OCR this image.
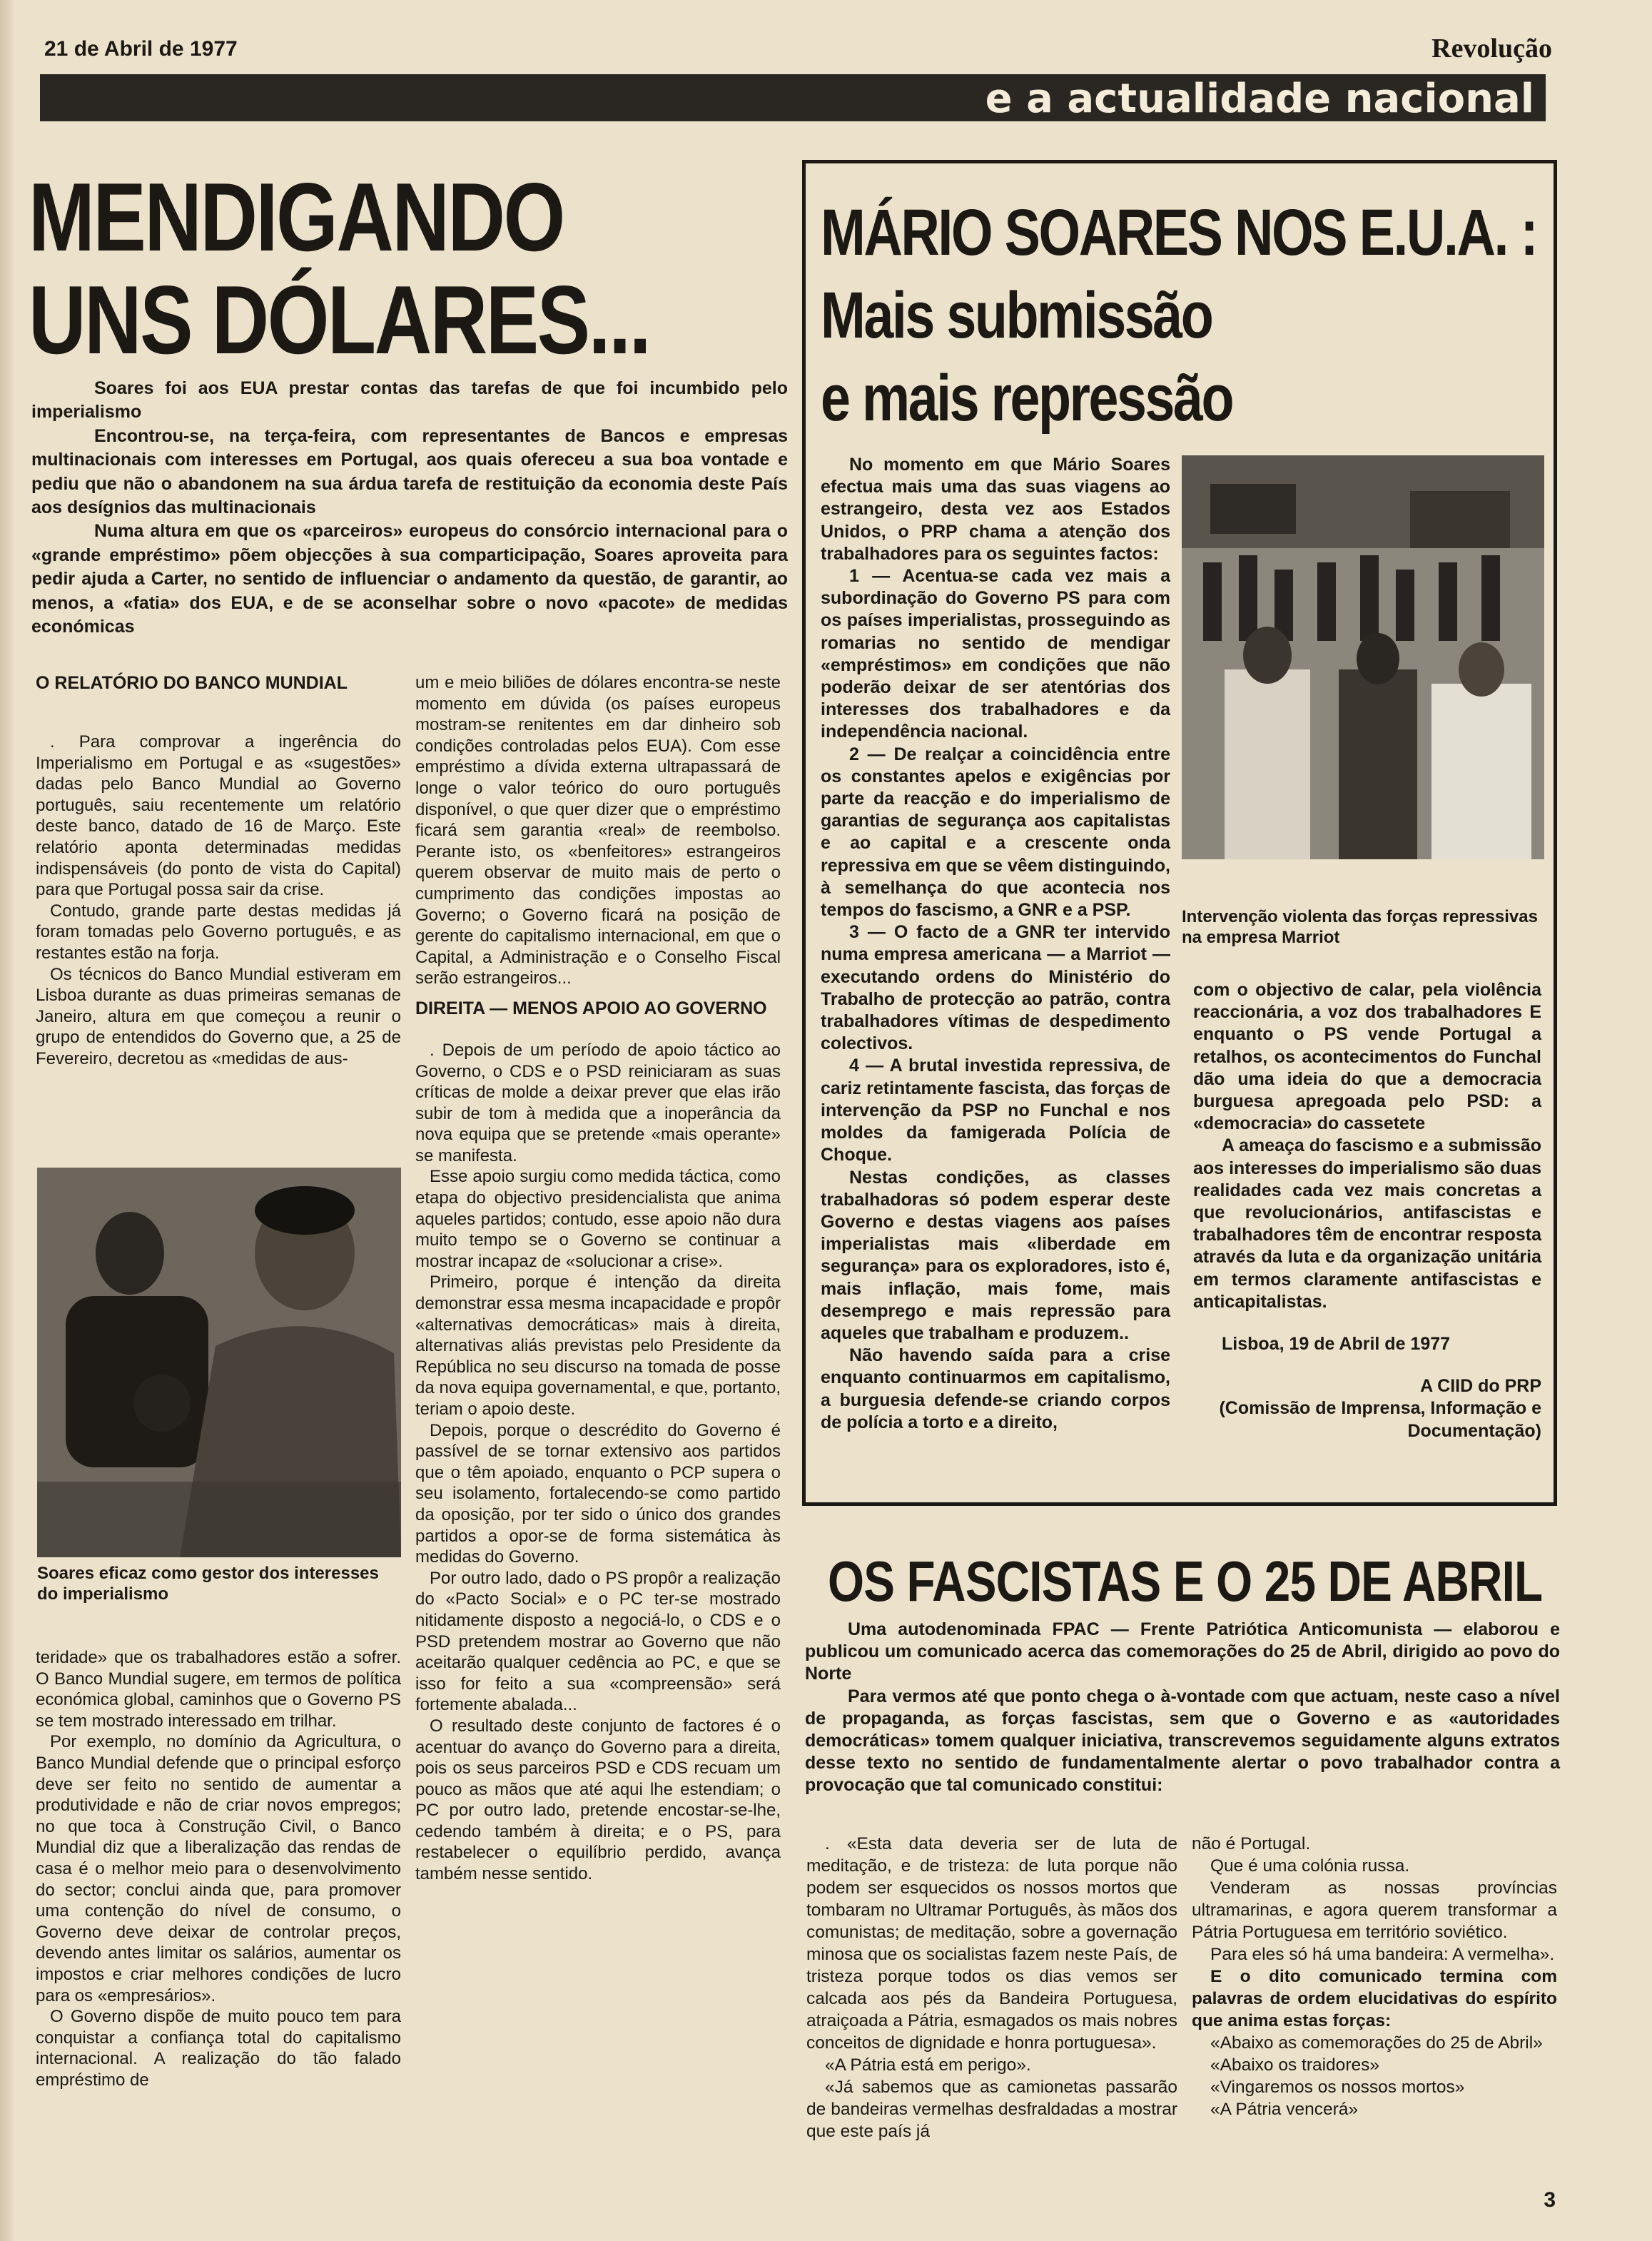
21 de Abril de 1977	Revolução
e a actualidade nacional
MENDIGANDO
UNS DÓLARES...

Soares foi aos EUA prestar contas das tarefas de que foi incumbido pelo imperialismo

Encontrou-se, na terça-feira, com representantes de Bancos e empresas multinacionais com interesses em Portugal, aos quais ofereceu a sua boa vontade e pediu que não o abandonem na sua árdua tarefa de restituição da economia deste País aos desígnios das multinacionais

Numa altura em que os «parceiros» europeus do consórcio internacional para o «grande empréstimo» põem objecções à sua comparticipação, Soares aproveita para pedir ajuda a Carter, no sentido de influenciar o andamento da questão, de garantir, ao menos, a «fatia» dos EUA, e de se aconselhar sobre o novo «pacote» de medidas económicas

O RELATÓRIO DO BANCO MUNDIAL

. Para comprovar a ingerência do Imperialismo em Portugal e as «sugestões» dadas pelo Banco Mundial ao Governo português, saiu recentemente um relatório deste banco, datado de 16 de Março. Este relatório aponta determinadas medidas indispensáveis (do ponto de vista do Capital) para que Portugal possa sair da crise.

Contudo, grande parte destas medidas já foram tomadas pelo Governo português, e as restantes estão na forja.

Os técnicos do Banco Mundial estiveram em Lisboa durante as duas primeiras semanas de Janeiro, altura em que começou a reunir o grupo de entendidos do Governo que, a 25 de Fevereiro, decretou as «medidas de aus-

Soares eficaz como gestor dos interesses do imperialismo

teridade» que os trabalhadores estão a sofrer. O Banco Mundial sugere, em termos de política económica global, caminhos que o Governo PS se tem mostrado interessado em trilhar.

Por exemplo, no domínio da Agricultura, o Banco Mundial defende que o principal esforço deve ser feito no sentido de aumentar a produtividade e não de criar novos empregos; no que toca à Construção Civil, o Banco Mundial diz que a liberalização das rendas de casa é o melhor meio para o desenvolvimento do sector; conclui ainda que, para promover uma contenção do nível de consumo, o Governo deve deixar de controlar preços, devendo antes limitar os salários, aumentar os impostos e criar melhores condições de lucro para os «empresários».

O Governo dispõe de muito pouco tem para conquistar a confiança total do capitalismo internacional. A realização do tão falado empréstimo de

um e meio biliões de dólares encontra-se neste momento em dúvida (os países europeus mostram-se renitentes em dar dinheiro sob condições controladas pelos EUA). Com esse empréstimo a dívida externa ultrapassará de longe o valor teórico do ouro português disponível, o que quer dizer que o empréstimo ficará sem garantia «real» de reembolso. Perante isto, os «benfeitores» estrangeiros querem observar de muito mais de perto o cumprimento das condições impostas ao Governo; o Governo ficará na posição de gerente do capitalismo internacional, em que o Capital, a Administração e o Conselho Fiscal serão estrangeiros...

DIREITA — MENOS APOIO AO GOVERNO

. Depois de um período de apoio táctico ao Governo, o CDS e o PSD reiniciaram as suas críticas de molde a deixar prever que elas irão subir de tom à medida que a inoperância da nova equipa que se pretende «mais operante» se manifesta.

Esse apoio surgiu como medida táctica, como etapa do objectivo presidencialista que anima aqueles partidos; contudo, esse apoio não dura muito tempo se o Governo se continuar a mostrar incapaz de «solucionar a crise».

Primeiro, porque é intenção da direita demonstrar essa mesma incapacidade e propôr «alternativas democráticas» mais à direita, alternativas aliás previstas pelo Presidente da República no seu discurso na tomada de posse da nova equipa governamental, e que, portanto, teriam o apoio deste.

Depois, porque o descrédito do Governo é passível de se tornar extensivo aos partidos que o têm apoiado, enquanto o PCP supera o seu isolamento, fortalecendo-se como partido da oposição, por ter sido o único dos grandes partidos a opor-se de forma sistemática às medidas do Governo.

Por outro lado, dado o PS propôr a realização do «Pacto Social» e o PC ter-se mostrado nitidamente disposto a negociá-lo, o CDS e o PSD pretendem mostrar ao Governo que não aceitarão qualquer cedência ao PC, e que se isso for feito a sua «compreensão» será fortemente abalada...

O resultado deste conjunto de factores é o acentuar do avanço do Governo para a direita, pois os seus parceiros PSD e CDS recuam um pouco as mãos que até aqui lhe estendiam; o PC por outro lado, pretende encostar-se-lhe, cedendo também à direita; e o PS, para restabelecer o equilíbrio perdido, avança também nesse sentido.

MÁRIO SOARES NOS E.U.A. :
Mais submissão
e mais repressão

No momento em que Mário Soares efectua mais uma das suas viagens ao estrangeiro, desta vez aos Estados Unidos, o PRP chama a atenção dos trabalhadores para os seguintes factos:

1 — Acentua-se cada vez mais a subordinação do Governo PS para com os países imperialistas, prosseguindo as romarias no sentido de mendigar «empréstimos» em condições que não poderão deixar de ser atentórias dos interesses dos trabalhadores e da independência nacional.

2 — De realçar a coincidência entre os constantes apelos e exigências por parte da reacção e do imperialismo de garantias de segurança aos capitalistas e ao capital e a crescente onda repressiva em que se vêem distinguindo, à semelhança do que acontecia nos tempos do fascismo, a GNR e a PSP.

3 — O facto de a GNR ter intervido numa empresa americana — a Marriot — executando ordens do Ministério do Trabalho de protecção ao patrão, contra trabalhadores vítimas de despedimento colectivos.

4 — A brutal investida repressiva, de cariz retintamente fascista, das forças de intervenção da PSP no Funchal e nos moldes da famigerada Polícia de Choque.

Nestas condições, as classes trabalhadoras só podem esperar deste Governo e destas viagens aos países imperialistas mais «liberdade em segurança» para os exploradores, isto é, mais inflação, mais fome, mais desemprego e mais repressão para aqueles que trabalham e produzem..

Não havendo saída para a crise enquanto continuarmos em capitalismo, a burguesia defende-se criando corpos de polícia a torto e a direito,

Intervenção violenta das forças repressivas na empresa Marriot

com o objectivo de calar, pela violência reaccionária, a voz dos trabalhadores E enquanto o PS vende Portugal a retalhos, os acontecimentos do Funchal dão uma ideia do que a democracia burguesa apregoada pelo PSD: a «democracia» do cassetete

A ameaça do fascismo e a submissão aos interesses do imperialismo são duas realidades cada vez mais concretas a que revolucionários, antifascistas e trabalhadores têm de encontrar resposta através da luta e da organização unitária em termos claramente antifascistas e anticapitalistas.

Lisboa, 19 de Abril de 1977

A CIID do PRP
(Comissão de Imprensa, Informação e Documentação)
OS FASCISTAS E O 25 DE ABRIL

Uma autodenominada FPAC — Frente Patriótica Anticomunista — elaborou e publicou um comunicado acerca das comemorações do 25 de Abril, dirigido ao povo do Norte

Para vermos até que ponto chega o à-vontade com que actuam, neste caso a nível de propaganda, as forças fascistas, sem que o Governo e as «autoridades democráticas» tomem qualquer iniciativa, transcrevemos seguidamente alguns extratos desse texto no sentido de fundamentalmente alertar o povo trabalhador contra a provocação que tal comunicado constitui:

. «Esta data deveria ser de luta de meditação, e de tristeza: de luta porque não podem ser esquecidos os nossos mortos que tombaram no Ultramar Português, às mãos dos comunistas; de meditação, sobre a governação minosa que os socialistas fazem neste País, de tristeza porque todos os dias vemos ser calcada aos pés da Bandeira Portuguesa, atraiçoada a Pátria, esmagados os mais nobres conceitos de dignidade e honra portuguesa».

«A Pátria está em perigo».

«Já sabemos que as camionetas passarão de bandeiras vermelhas desfraldadas a mostrar que este país já

não é Portugal.

Que é uma colónia russa.

Venderam as nossas províncias ultramarinas, e agora querem transformar a Pátria Portuguesa em território soviético.

Para eles só há uma bandeira: A vermelha».

E o dito comunicado termina com palavras de ordem elucidativas do espírito que anima estas forças:

«Abaixo as comemorações do 25 de Abril»

«Abaixo os traidores»

«Vingaremos os nossos mortos»

«A Pátria vencerá»

3
